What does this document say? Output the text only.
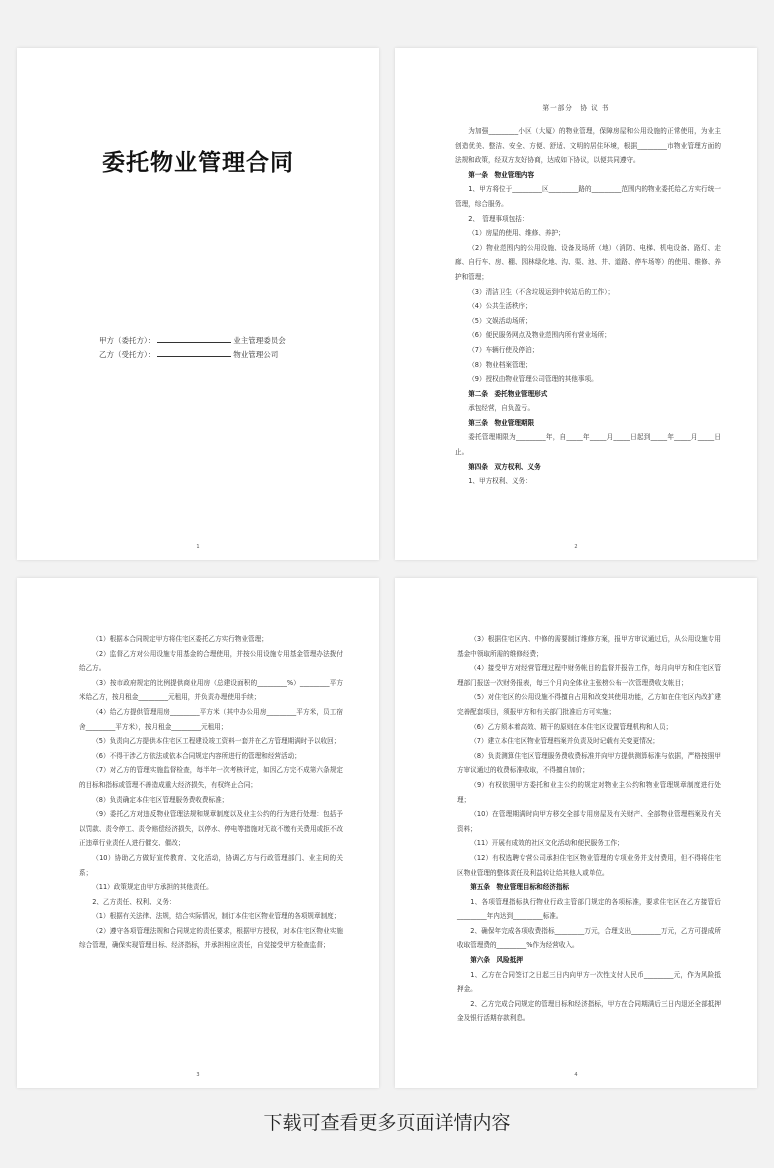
委托物业管理合同
甲方（委托方）：	业主管理委员会
乙方（受托方）：	物业管理公司
1
第一部分　协 议 书

为加强_________小区（大厦）的物业管理，保障房屋和公用设施的正常使用，为业主创造优美、整洁、安全、方便、舒适、文明的居住环境，根据_________市物业管理方面的法规和政策，经双方友好协商，达成如下协议，以便共同遵守。

第一条　物业管理内容

1、甲方将位于_________区_________路的_________范围内的物业委托给乙方实行统一管理，综合服务。

2、　管理事项包括：

（1）房屋的使用、维修、养护；

（2）物业范围内的公用设施、设备及场所（地）（消防、电梯、机电设备、路灯、走廊、自行车、房、棚、园林绿化地、沟、渠、池、井、道路、停车场等）的使用、维修、养护和管理；

（3）清洁卫生（不含垃圾运到中转站后的工作）；

（4）公共生活秩序；

（5）文娱活动场所；

（6）便民服务网点及物业范围内所有营业场所；

（7）车辆行使及停泊；

（8）物业档案管理；

（9）授权由物业管理公司管理的其他事项。

第二条　委托物业管理形式

承包经营，自负盈亏。

第三条　物业管理期限

委托管理期限为_________年，自_____年_____月_____日起到_____年_____月_____日止。

第四条　双方权利、义务

1、甲方权利、义务：

2

（1）根据本合同规定甲方将住宅区委托乙方实行物业管理；

（2）监督乙方对公用设施专用基金的合理使用，并按公用设施专用基金管理办法拨付给乙方。

（3）按市政府规定的比例提供商业用房（总建设面积的_________%）_________平方米给乙方，按月租金_________元租用，并负责办理使用手续；

（4）给乙方提供管理用房_________平方米（其中办公用房_________平方米，员工宿舍_________平方米），按月租金_________元租用；

（5）负责向乙方提供本住宅区工程建设竣工资料一套并在乙方管理期满时予以收回；

（6）不得干涉乙方依法或依本合同规定内容所进行的管理和经营活动；

（7）对乙方的管理实施监督检查，每半年一次考核评定，如因乙方完不成第六条规定的目标和指标或管理不善造成重大经济损失，有权终止合同；

（8）负责确定本住宅区管理服务费收费标准；

（9）委托乙方对违反物业管理法规和规章制度以及业主公约的行为进行处理：包括予以罚款、责令停工、责令赔偿经济损失，以停水、停电等措施对无故不缴有关费用或拒不改正违章行业责任人进行催交、催改；

（10）协助乙方做好宣传教育、文化活动，协调乙方与行政管理部门、业主间的关系；

（11）政策规定由甲方承担的其他责任。

2、乙方责任、权利、义务：

（1）根据有关法律、法规，结合实际情况，制订本住宅区物业管理的各项规章制度；

（2）遵守各项管理法规和合同规定的责任要求，根据甲方授权，对本住宅区物业实施综合管理，确保实现管理目标、经济指标，并承担相应责任，自觉接受甲方检查监督；

3

（3）根据住宅区内、中修的需要制订维修方案，报甲方审议通过后，从公用设施专用基金中领取所需的维修经费；

（4）接受甲方对经营管理过程中财务帐目的监督并报告工作，每月向甲方和住宅区管理部门报送一次财务报表，每三个月向全体业主张榜公布一次管理费收支帐目；

（5）对住宅区的公用设施不得擅自占用和改变其使用功能，乙方如在住宅区内改扩建完善配套项目，须报甲方和有关部门批准后方可实施；

（6）乙方须本着高效、精干的原则在本住宅区设置管理机构和人员；

（7）建立本住宅区物业管理档案并负责及时记载有关变更情况；

（8）负责测算住宅区管理服务费收费标准并向甲方提供测算标准与依据，严格按照甲方审议通过的收费标准收取，不得擅自加价；

（9）有权依照甲方委托和业主公约的规定对物业主公约和物业管理规章制度进行处理；

（10）在管理期满时向甲方移交全部专用房屋及有关财产、全部物业管理档案及有关资料；

（11）开展有成效的社区文化活动和便民服务工作；

（12）有权选聘专营公司承担住宅区物业管理的专项业务并支付费用，但不得将住宅区物业管理的整体责任及利益转让给其他人或单位。

第五条　物业管理目标和经济指标

1、各项管理指标执行物业行政主管部门规定的各项标准，要求住宅区在乙方接管后_________年内达到_________标准。

2、确保年完成各项收费指标_________万元，合理支出_________万元，乙方可提成所收取管理费的_________%作为经营收入。

第六条　风险抵押

1、乙方在合同签订之日起三日内向甲方一次性支付人民币_________元，作为风险抵押金。

2、乙方完成合同规定的管理目标和经济指标，甲方在合同期满后三日内退还全部抵押金及银行活期存款利息。

4
下载可查看更多页面详情内容
